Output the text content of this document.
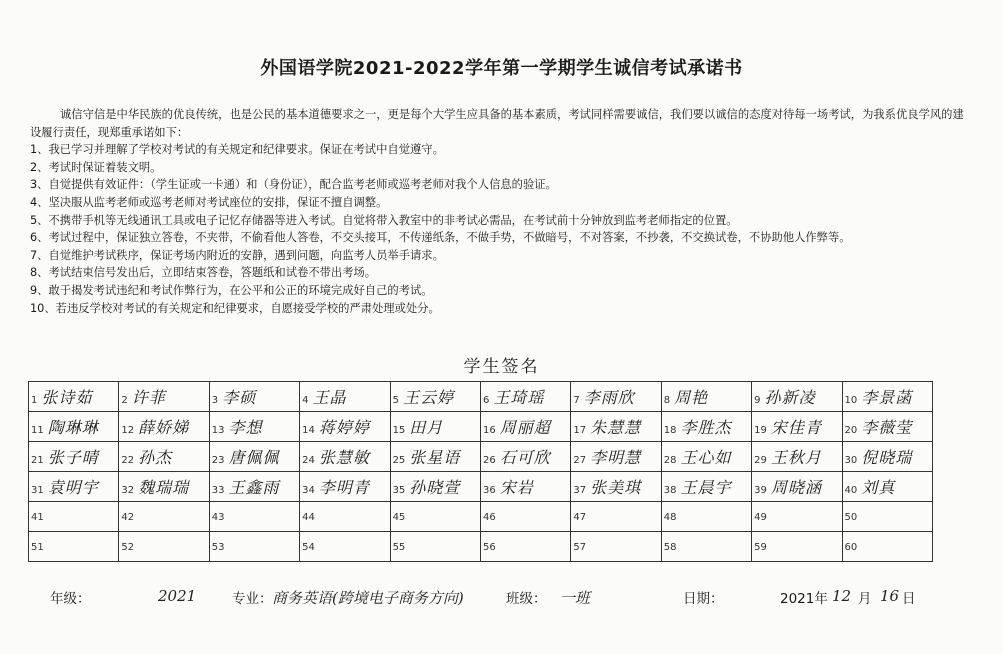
外国语学院2021-2022学年第一学期学生诚信考试承诺书

诚信守信是中华民族的优良传统，也是公民的基本道德要求之一，更是每个大学生应具备的基本素质，考试同样需要诚信，我们要以诚信的态度对待每一场考试，为我系优良学风的建设履行责任，现郑重承诺如下：

1、我已学习并理解了学校对考试的有关规定和纪律要求。保证在考试中自觉遵守。

2、考试时保证着装文明。

3、自觉提供有效证件：（学生证或一卡通）和（身份证），配合监考老师或巡考老师对我个人信息的验证。

4、坚决服从监考老师或巡考老师对考试座位的安排，保证不擅自调整。

5、不携带手机等无线通讯工具或电子记忆存储器等进入考试。自觉将带入教室中的非考试必需品，在考试前十分钟放到监考老师指定的位置。

6、考试过程中，保证独立答卷，不夹带，不偷看他人答卷，不交头接耳，不传递纸条，不做手势，不做暗号，不对答案，不抄袭，不交换试卷，不协助他人作弊等。

7、自觉维护考试秩序，保证考场内附近的安静，遇到问题，向监考人员举手请求。

8、考试结束信号发出后，立即结束答卷，答题纸和试卷不带出考场。

9、敢于揭发考试违纪和考试作弊行为，在公平和公正的环境完成好自己的考试。

10、若违反学校对考试的有关规定和纪律要求，自愿接受学校的严肃处理或处分。

学生签名
1 张诗茹	2 许菲	3 李硕	4 王晶	5 王云婷	6 王琦瑶	7 李雨欣	8 周艳	9 孙新凌	10 李景菡
11 陶琳琳	12 薛娇娣	13 李想	14 蒋婷婷	15 田月	16 周丽超	17 朱慧慧	18 李胜杰	19 宋佳青	20 李薇莹
21 张子晴	22 孙杰	23 唐佩佩	24 张慧敏	25 张星语	26 石可欣	27 李明慧	28 王心如	29 王秋月	30 倪晓瑞
31 袁明宇	32 魏瑞瑞	33 王鑫雨	34 李明青	35 孙晓萱	36 宋岩	37 张美琪	38 王晨宇	39 周晓涵	40 刘真
41	42	43	44	45	46	47	48	49	50
51	52	53	54	55	56	57	58	59	60
年级：	2021	专业： 商务英语(跨境电子商务方向)	班级： 一班	日期：	2021年 12 月 16 日
